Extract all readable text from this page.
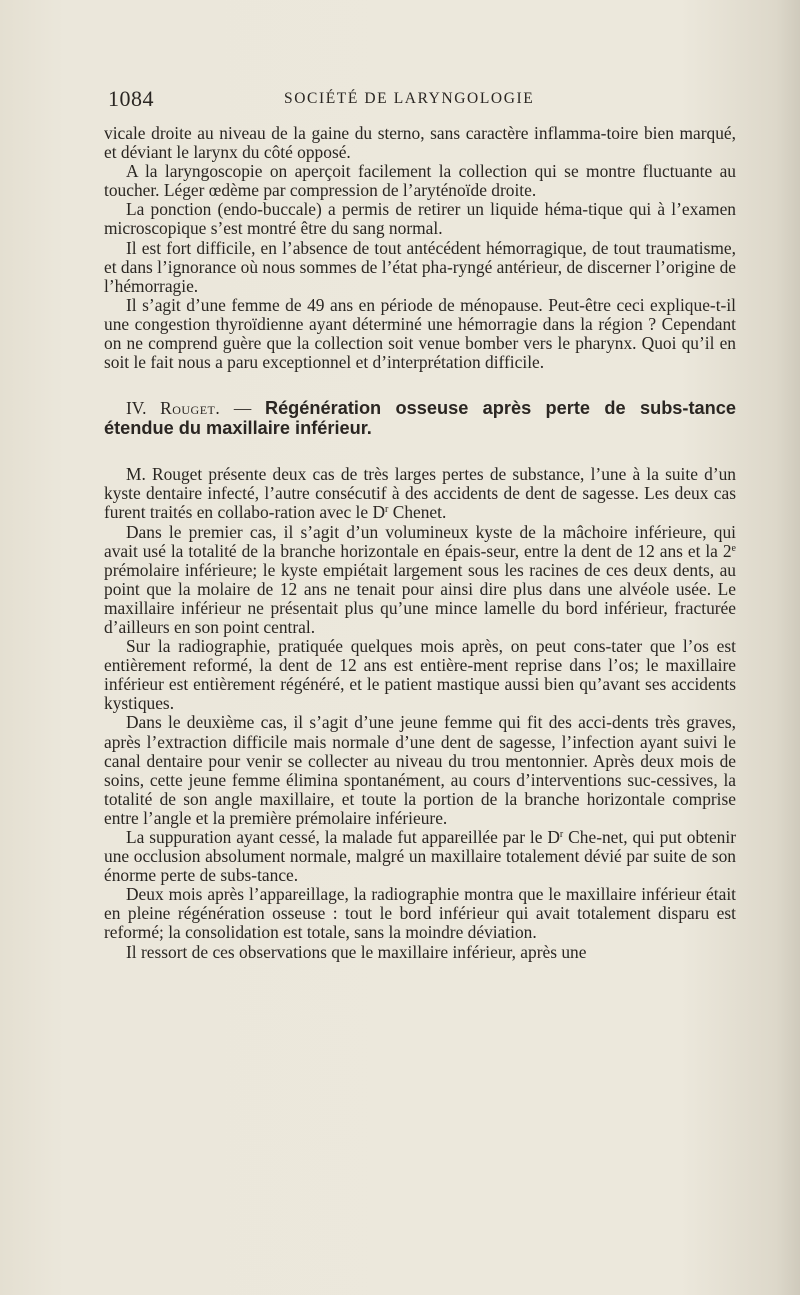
1084	SOCIÉTÉ DE LARYNGOLOGIE

vicale droite au niveau de la gaine du sterno, sans caractère inflamma-toire bien marqué, et déviant le larynx du côté opposé.

A la laryngoscopie on aperçoit facilement la collection qui se montre fluctuante au toucher. Léger œdème par compression de l’aryténoïde droite.

La ponction (endo-buccale) a permis de retirer un liquide héma-tique qui à l’examen microscopique s’est montré être du sang normal.

Il est fort difficile, en l’absence de tout antécédent hémorragique, de tout traumatisme, et dans l’ignorance où nous sommes de l’état pha-ryngé antérieur, de discerner l’origine de l’hémorragie.

Il s’agit d’une femme de 49 ans en période de ménopause. Peut-être ceci explique-t-il une congestion thyroïdienne ayant déterminé une hémorragie dans la région ? Cependant on ne comprend guère que la collection soit venue bomber vers le pharynx. Quoi qu’il en soit le fait nous a paru exceptionnel et d’interprétation difficile.

IV. Rouget. — Régénération osseuse après perte de subs-tance étendue du maxillaire inférieur.

M. Rouget présente deux cas de très larges pertes de substance, l’une à la suite d’un kyste dentaire infecté, l’autre consécutif à des accidents de dent de sagesse. Les deux cas furent traités en collabo-ration avec le $D^r$ Chenet.

Dans le premier cas, il s’agit d’un volumineux kyste de la mâchoire inférieure, qui avait usé la totalité de la branche horizontale en épais-seur, entre la dent de 12 ans et la 2e prémolaire inférieure; le kyste empiétait largement sous les racines de ces deux dents, au point que la molaire de 12 ans ne tenait pour ainsi dire plus dans une alvéole usée. Le maxillaire inférieur ne présentait plus qu’une mince lamelle du bord inférieur, fracturée d’ailleurs en son point central.

Sur la radiographie, pratiquée quelques mois après, on peut cons-tater que l’os est entièrement reformé, la dent de 12 ans est entière-ment reprise dans l’os; le maxillaire inférieur est entièrement régénéré, et le patient mastique aussi bien qu’avant ses accidents kystiques.

Dans le deuxième cas, il s’agit d’une jeune femme qui fit des acci-dents très graves, après l’extraction difficile mais normale d’une dent de sagesse, l’infection ayant suivi le canal dentaire pour venir se collecter au niveau du trou mentonnier. Après deux mois de soins, cette jeune femme élimina spontanément, au cours d’interventions suc-cessives, la totalité de son angle maxillaire, et toute la portion de la branche horizontale comprise entre l’angle et la première prémolaire inférieure.

La suppuration ayant cessé, la malade fut appareillée par le $D^r$ Che-net, qui put obtenir une occlusion absolument normale, malgré un maxillaire totalement dévié par suite de son énorme perte de subs-tance.

Deux mois après l’appareillage, la radiographie montra que le maxillaire inférieur était en pleine régénération osseuse : tout le bord inférieur qui avait totalement disparu est reformé; la consolidation est totale, sans la moindre déviation.

Il ressort de ces observations que le maxillaire inférieur, après une
